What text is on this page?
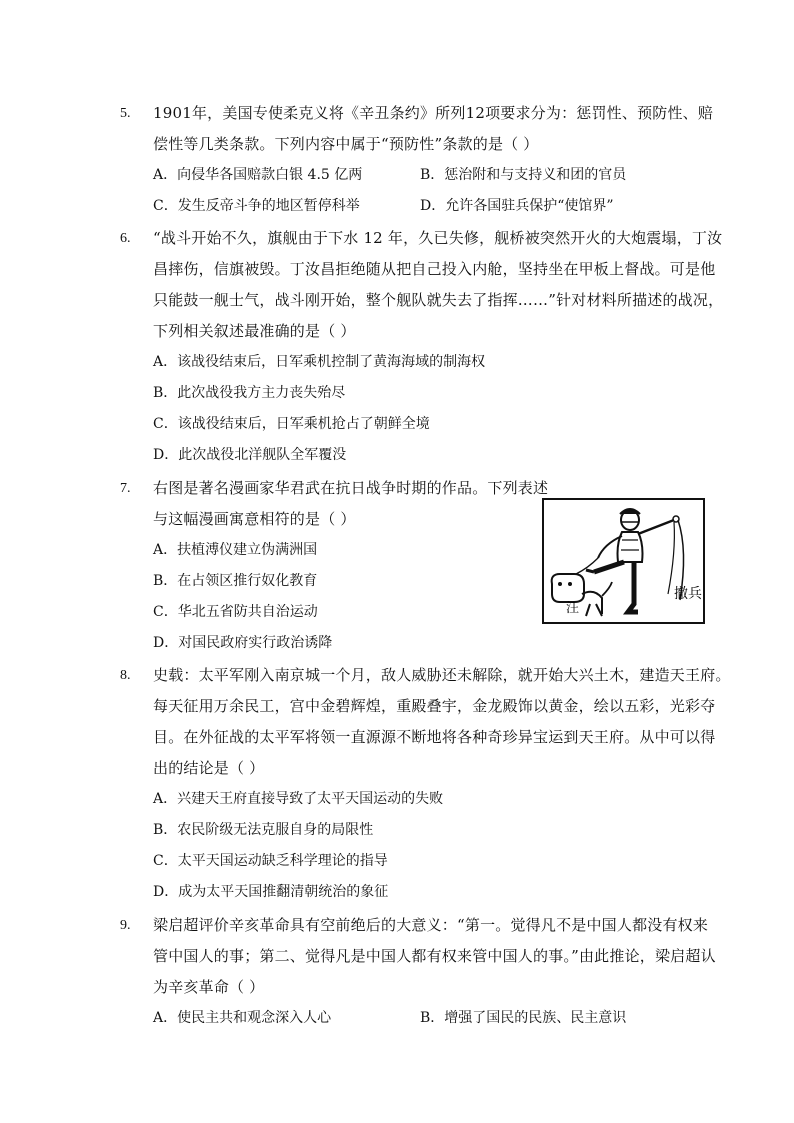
5. 1901年，美国专使柔克义将《辛丑条约》所列12项要求分为：惩罚性、预防性、赔
偿性等几类条款。下列内容中属于“预防性”条款的是（ ）
A．向侵华各国赔款白银 4.5 亿两	B．惩治附和与支持义和团的官员
C．发生反帝斗争的地区暂停科举	D．允许各国驻兵保护“使馆界”
6. “战斗开始不久，旗舰由于下水 12 年，久已失修，舰桥被突然开火的大炮震塌，丁汝
昌摔伤，信旗被毁。丁汝昌拒绝随从把自己投入内舱，坚持坐在甲板上督战。可是他
只能鼓一舰士气，战斗刚开始，整个舰队就失去了指挥……”针对材料所描述的战况，
下列相关叙述最准确的是（ ）
A．该战役结束后，日军乘机控制了黄海海域的制海权
B．此次战役我方主力丧失殆尽
C．该战役结束后，日军乘机抢占了朝鲜全境
D．此次战役北洋舰队全军覆没
7. 右图是著名漫画家华君武在抗日战争时期的作品。下列表述
与这幅漫画寓意相符的是（ ）
A．扶植溥仪建立伪满洲国
B．在占领区推行奴化教育
C．华北五省防共自治运动
D．对国民政府实行政治诱降
汪
撤兵
8. 史载：太平军刚入南京城一个月，敌人威胁还未解除，就开始大兴土木，建造天王府。
每天征用万余民工，宫中金碧辉煌，重殿叠宇，金龙殿饰以黄金，绘以五彩，光彩夺
目。在外征战的太平军将领一直源源不断地将各种奇珍异宝运到天王府。从中可以得
出的结论是（ ）
A．兴建天王府直接导致了太平天国运动的失败
B．农民阶级无法克服自身的局限性
C．太平天国运动缺乏科学理论的指导
D．成为太平天国推翻清朝统治的象征
9. 梁启超评价辛亥革命具有空前绝后的大意义：“第一。觉得凡不是中国人都没有权来
管中国人的事；第二、觉得凡是中国人都有权来管中国人的事。”由此推论，梁启超认
为辛亥革命（ ）
A．使民主共和观念深入人心	B．增强了国民的民族、民主意识
